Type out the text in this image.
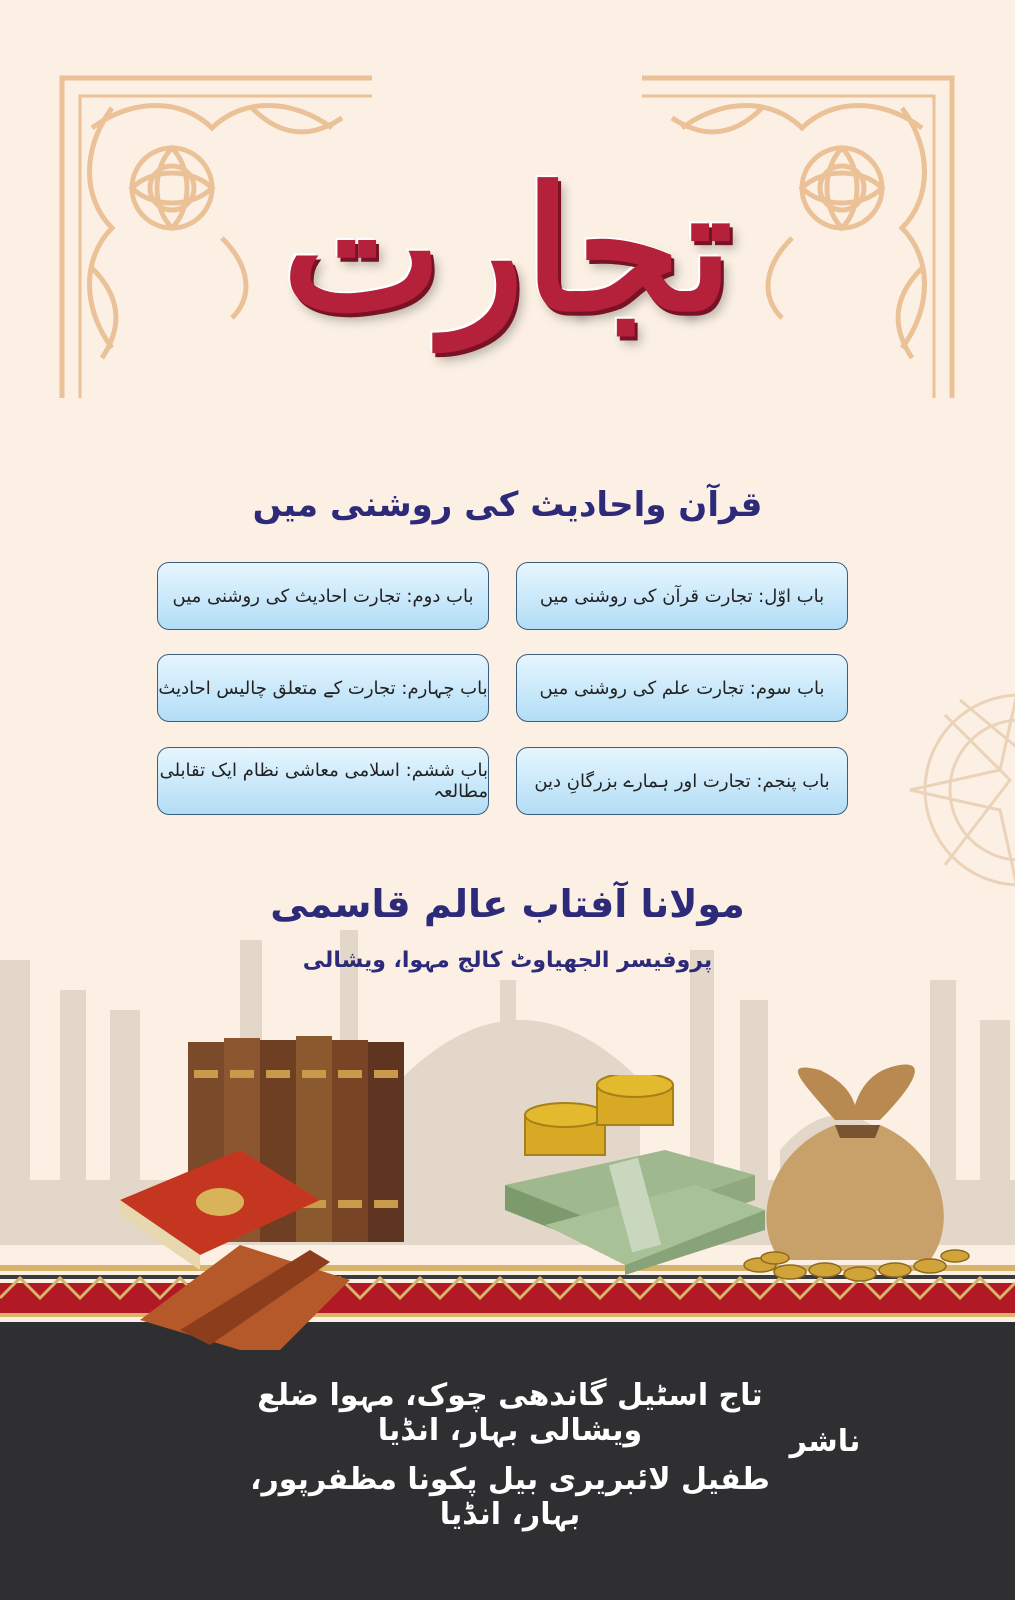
تجارت
قرآن واحادیث کی روشنی میں
باب اوّل: تجارت قرآن کی روشنی میں
باب دوم: تجارت احادیث کی روشنی میں
باب سوم: تجارت علم کی روشنی میں
باب چہارم: تجارت کے متعلق چالیس احادیث
باب پنجم: تجارت اور ہمارے بزرگانِ دین
باب ششم: اسلامی معاشی نظام ایک تقابلی مطالعہ
مولانا آفتاب عالم قاسمی
پروفیسر الجھیاوٹ کالج مہوا، ویشالی
ناشر
تاج اسٹیل گاندھی چوک، مہوا ضلع ویشالی بہار، انڈیا
طفیل لائبریری بیل پکونا مظفرپور، بہار، انڈیا
